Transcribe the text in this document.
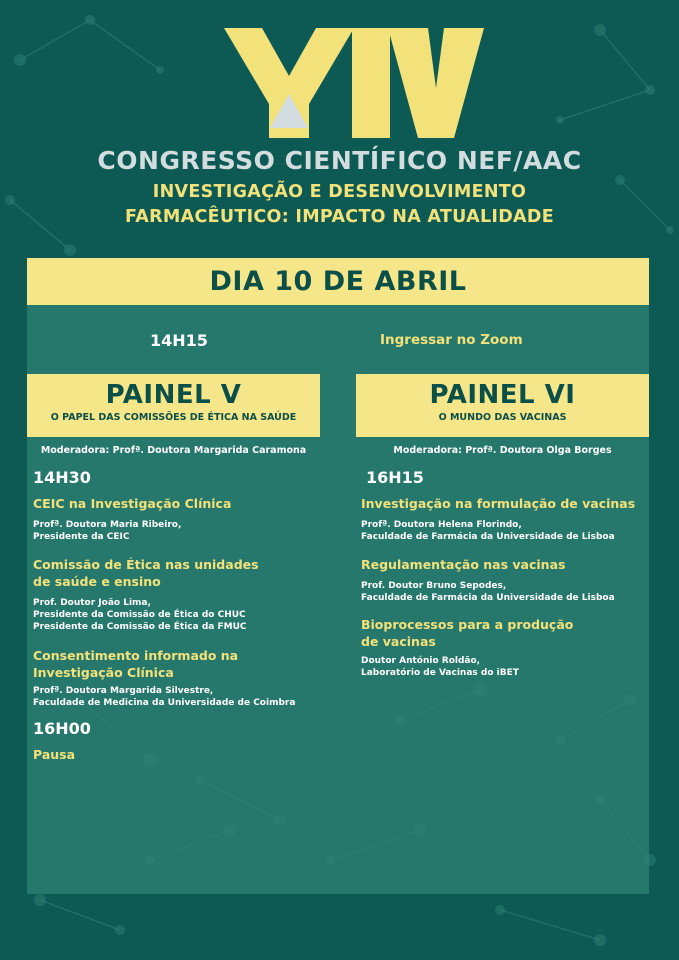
CONGRESSO CIENTÍFICO NEF/AAC
INVESTIGAÇÃO E DESENVOLVIMENTO
FARMACÊUTICO: IMPACTO NA ATUALIDADE
DIA 10 DE ABRIL
14H15	Ingressar no Zoom
PAINEL V
O PAPEL DAS COMISSÕES DE ÉTICA NA SAÚDE
Moderadora: Profª. Doutora Margarida Caramona
14H30
CEIC na Investigação Clínica
Profª. Doutora Maria Ribeiro,
Presidente da CEIC
Comissão de Ética nas unidades
de saúde e ensino
Prof. Doutor João Lima,
Presidente da Comissão de Ética do CHUC
Presidente da Comissão de Ética da FMUC
Consentimento informado na
Investigação Clínica
Profª. Doutora Margarida Silvestre,
Faculdade de Medicina da Universidade de Coimbra
16H00
Pausa
PAINEL VI
O MUNDO DAS VACINAS
Moderadora: Profª. Doutora Olga Borges
16H15
Investigação na formulação de vacinas
Profª. Doutora Helena Florindo,
Faculdade de Farmácia da Universidade de Lisboa
Regulamentação nas vacinas
Prof. Doutor Bruno Sepodes,
Faculdade de Farmácia da Universidade de Lisboa
Bioprocessos para a produção
de vacinas
Doutor António Roldão,
Laboratório de Vacinas do iBET
